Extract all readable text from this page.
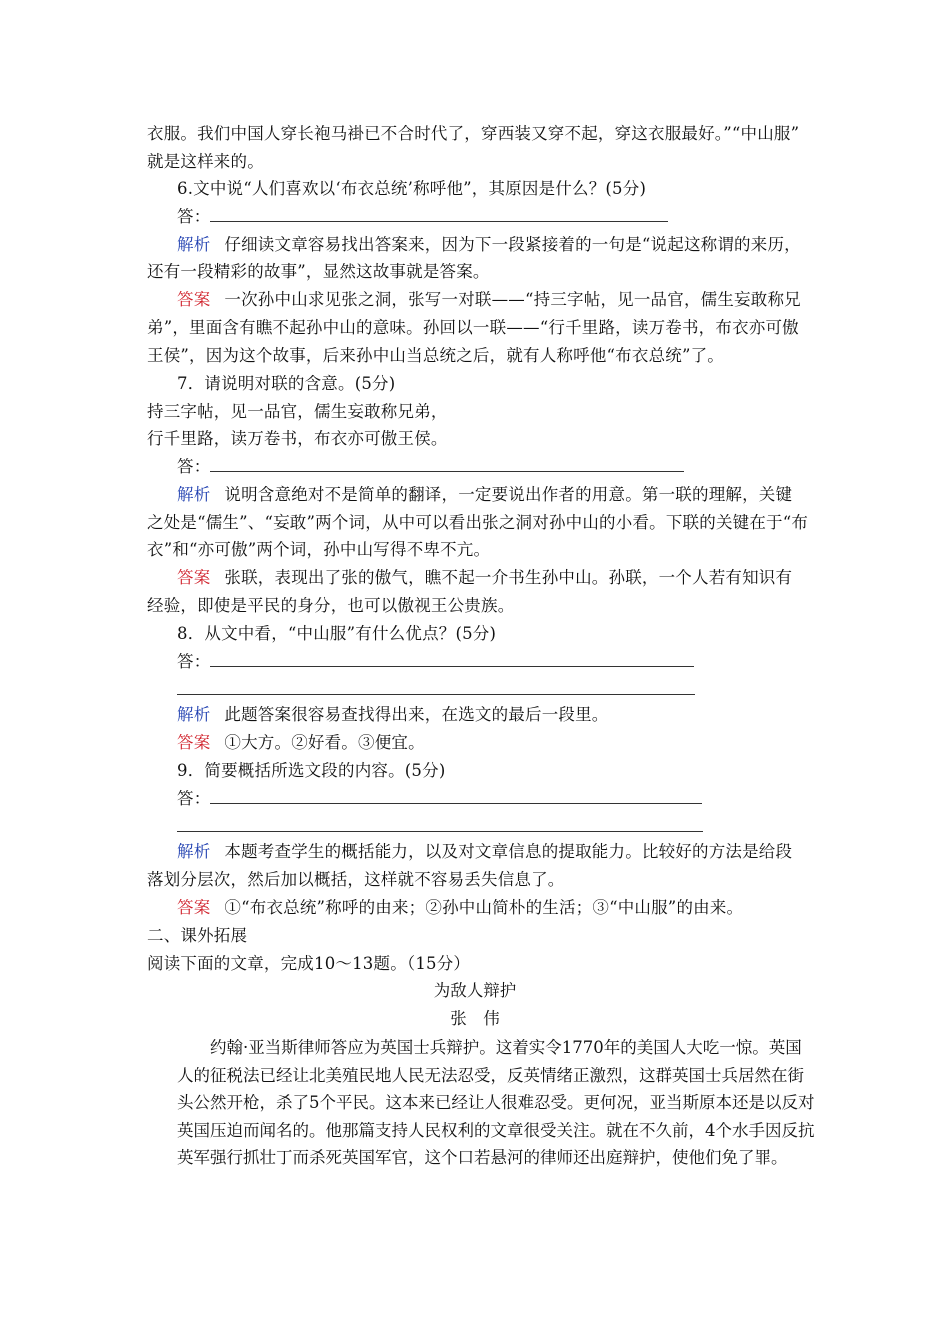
衣服。我们中国人穿长袍马褂已不合时代了，穿西装又穿不起，穿这衣服最好。”“中山服”
就是这样来的。
6.文中说“人们喜欢以‘布衣总统’称呼他”，其原因是什么？(5分)
答：
解析 仔细读文章容易找出答案来，因为下一段紧接着的一句是“说起这称谓的来历，
还有一段精彩的故事”，显然这故事就是答案。
答案 一次孙中山求见张之洞，张写一对联——“持三字帖，见一品官，儒生妄敢称兄
弟”，里面含有瞧不起孙中山的意味。孙回以一联——“行千里路，读万卷书，布衣亦可傲
王侯”，因为这个故事，后来孙中山当总统之后，就有人称呼他“布衣总统”了。
7．请说明对联的含意。(5分)
持三字帖，见一品官，儒生妄敢称兄弟，
行千里路，读万卷书，布衣亦可傲王侯。
答：
解析 说明含意绝对不是简单的翻译，一定要说出作者的用意。第一联的理解，关键
之处是“儒生”、“妄敢”两个词，从中可以看出张之洞对孙中山的小看。下联的关键在于“布
衣”和“亦可傲”两个词，孙中山写得不卑不亢。
答案 张联，表现出了张的傲气，瞧不起一介书生孙中山。孙联，一个人若有知识有
经验，即使是平民的身分，也可以傲视王公贵族。
8．从文中看，“中山服”有什么优点？(5分)
答：
解析 此题答案很容易查找得出来，在选文的最后一段里。
答案 ①大方。②好看。③便宜。
9．简要概括所选文段的内容。(5分)
答：
解析 本题考查学生的概括能力，以及对文章信息的提取能力。比较好的方法是给段
落划分层次，然后加以概括，这样就不容易丢失信息了。
答案 ①“布衣总统”称呼的由来；②孙中山简朴的生活；③“中山服”的由来。
二、课外拓展
阅读下面的文章，完成10～13题。（15分）
为敌人辩护
张　伟
约翰·亚当斯律师答应为英国士兵辩护。这着实令1770年的美国人大吃一惊。英国人的征税法已经让北美殖民地人民无法忍受，反英情绪正激烈，这群英国士兵居然在街头公然开枪，杀了5个平民。这本来已经让人很难忍受。更何况，亚当斯原本还是以反对英国压迫而闻名的。他那篇支持人民权利的文章很受关注。就在不久前，4个水手因反抗英军强行抓壮丁而杀死英国军官，这个口若悬河的律师还出庭辩护，使他们免了罪。
